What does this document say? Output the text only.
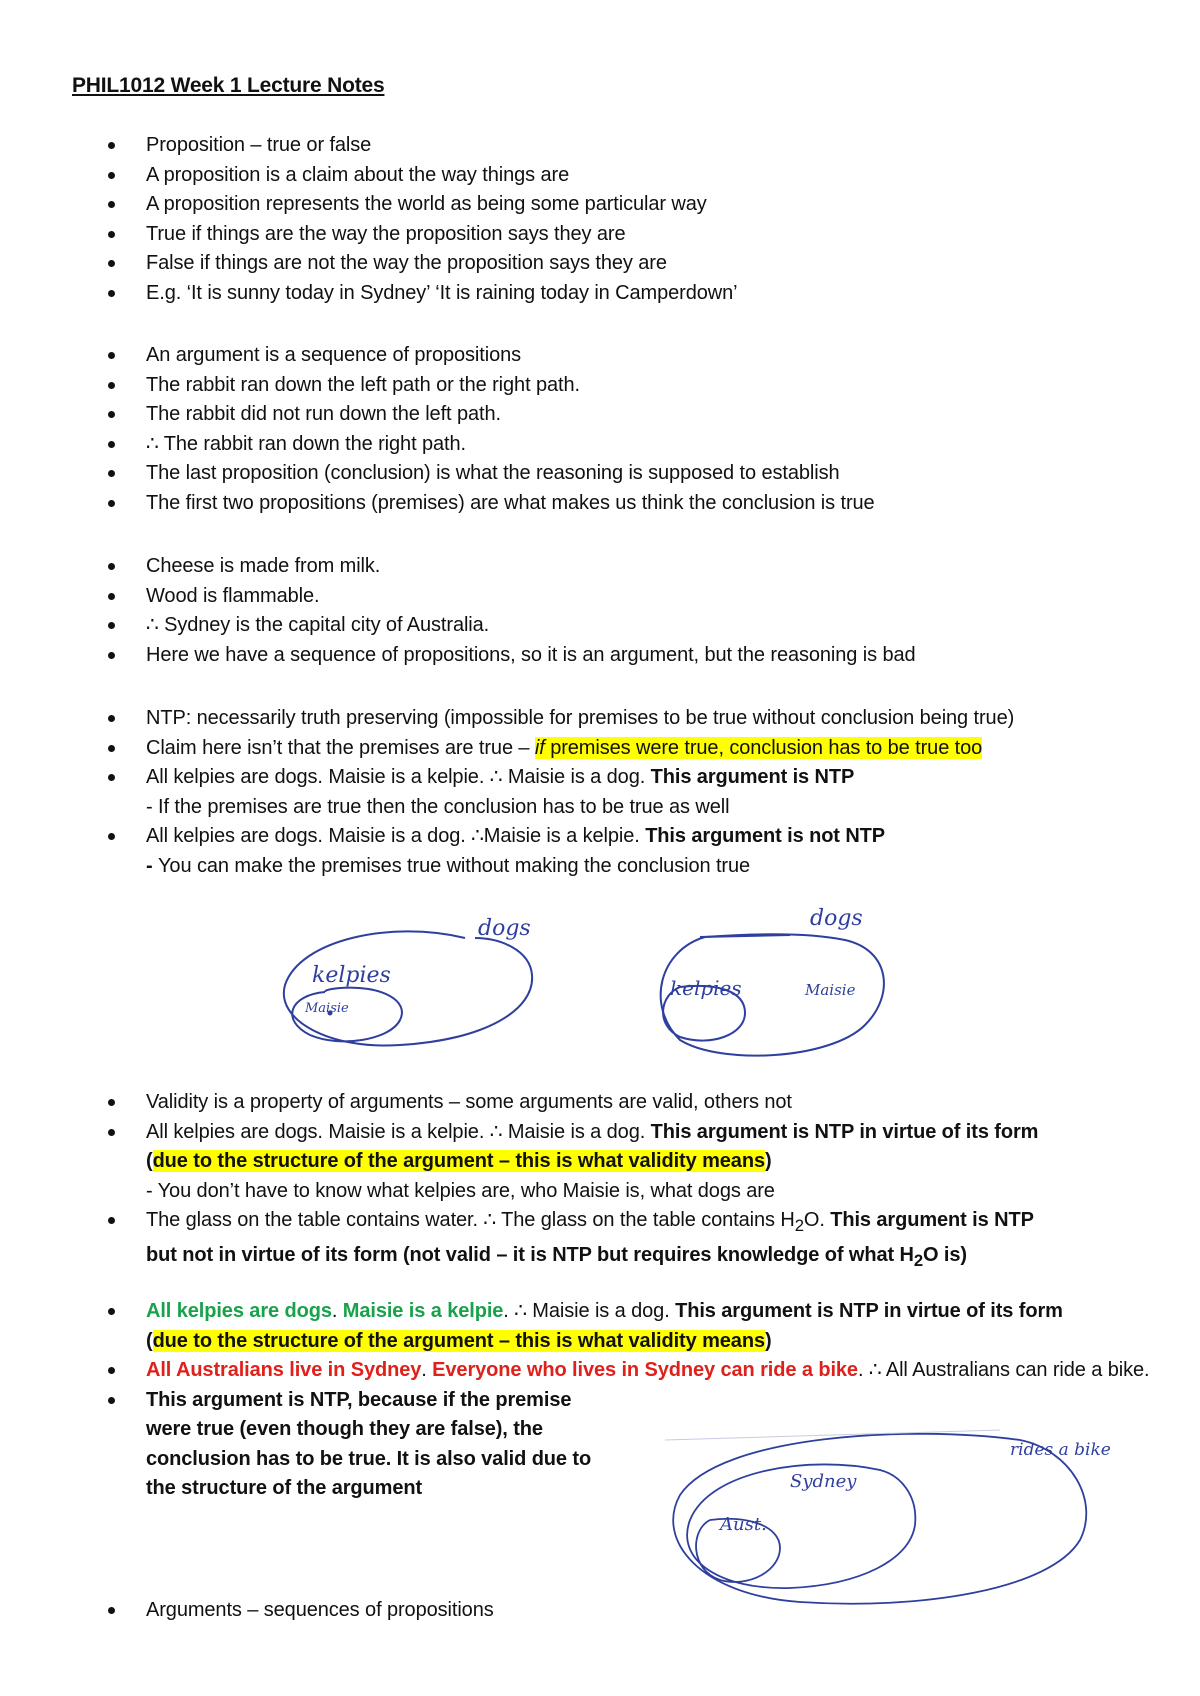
PHIL1012 Week 1 Lecture Notes
Proposition – true or false
A proposition is a claim about the way things are
A proposition represents the world as being some particular way
True if things are the way the proposition says they are
False if things are not the way the proposition says they are
E.g. ‘It is sunny today in Sydney’ ‘It is raining today in Camperdown’
An argument is a sequence of propositions
The rabbit ran down the left path or the right path.
The rabbit did not run down the left path.
∴ The rabbit ran down the right path.
The last proposition (conclusion) is what the reasoning is supposed to establish
The first two propositions (premises) are what makes us think the conclusion is true
Cheese is made from milk.
Wood is flammable.
∴ Sydney is the capital city of Australia.
Here we have a sequence of propositions, so it is an argument, but the reasoning is bad
NTP: necessarily truth preserving (impossible for premises to be true without conclusion being true)
Claim here isn’t that the premises are true – if premises were true, conclusion has to be true too
All kelpies are dogs. Maisie is a kelpie. ∴ Maisie is a dog. This argument is NTP
- If the premises are true then the conclusion has to be true as well
All kelpies are dogs. Maisie is a dog. ∴Maisie is a kelpie. This argument is not NTP
- You can make the premises true without making the conclusion true
kelpies
Maisie
dogs
kelpies
dogs
Maisie
Validity is a property of arguments – some arguments are valid, others not
All kelpies are dogs. Maisie is a kelpie. ∴ Maisie is a dog. This argument is NTP in virtue of its form
(due to the structure of the argument – this is what validity means)
- You don’t have to know what kelpies are, who Maisie is, what dogs are
The glass on the table contains water. ∴ The glass on the table contains $H_2O$. This argument is NTP
but not in virtue of its form (not valid – it is NTP but requires knowledge of what $H_2O$ is)
All kelpies are dogs. Maisie is a kelpie. ∴ Maisie is a dog. This argument is NTP in virtue of its form
(due to the structure of the argument – this is what validity means)
All Australians live in Sydney. Everyone who lives in Sydney can ride a bike. ∴ All Australians can ride a bike.
This argument is NTP, because if the premise were true (even though they are false), the conclusion has to be true. It is also valid due to the structure of the argument
Aust.
Sydney
rides a bike
Arguments – sequences of propositions
